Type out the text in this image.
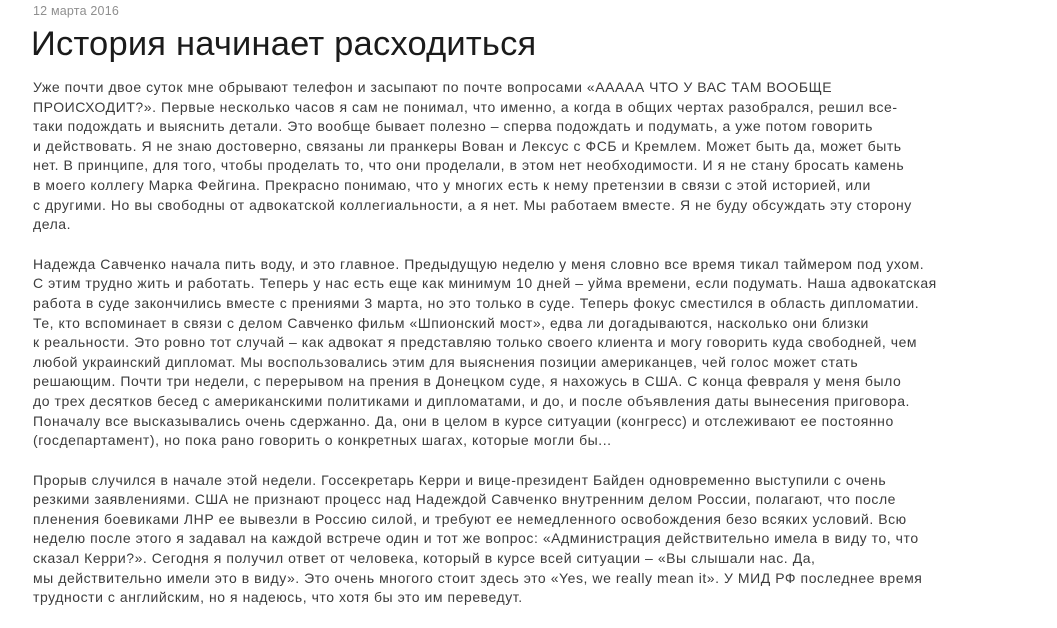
12 марта 2016
История начинает расходиться

Уже почти двое суток мне обрывают телефон и засыпают по почте вопросами «ААААА ЧТО У ВАС ТАМ ВООБЩЕ
ПРОИСХОДИТ?». Первые несколько часов я сам не понимал, что именно, а когда в общих чертах разобрался, решил все-
таки подождать и выяснить детали. Это вообще бывает полезно – сперва подождать и подумать, а уже потом говорить
и действовать. Я не знаю достоверно, связаны ли пранкеры Вован и Лексус с ФСБ и Кремлем. Может быть да, может быть
нет. В принципе, для того, чтобы проделать то, что они проделали, в этом нет необходимости. И я не стану бросать камень
в моего коллегу Марка Фейгина. Прекрасно понимаю, что у многих есть к нему претензии в связи с этой историей, или
с другими. Но вы свободны от адвокатской коллегиальности, а я нет. Мы работаем вместе. Я не буду обсуждать эту сторону
дела.

Надежда Савченко начала пить воду, и это главное. Предыдущую неделю у меня словно все время тикал таймером под ухом.
С этим трудно жить и работать. Теперь у нас есть еще как минимум 10 дней – уйма времени, если подумать. Наша адвокатская
работа в суде закончились вместе с прениями 3 марта, но это только в суде. Теперь фокус сместился в область дипломатии.
Те, кто вспоминает в связи с делом Савченко фильм «Шпионский мост», едва ли догадываются, насколько они близки
к реальности. Это ровно тот случай – как адвокат я представляю только своего клиента и могу говорить куда свободней, чем
любой украинский дипломат. Мы воспользовались этим для выяснения позиции американцев, чей голос может стать
решающим. Почти три недели, с перерывом на прения в Донецком суде, я нахожусь в США. С конца февраля у меня было
до трех десятков бесед с американскими политиками и дипломатами, и до, и после объявления даты вынесения приговора.
Поначалу все высказывались очень сдержанно. Да, они в целом в курсе ситуации (конгресс) и отслеживают ее постоянно
(госдепартамент), но пока рано говорить о конкретных шагах, которые могли бы...

Прорыв случился в начале этой недели. Госсекретарь Керри и вице-президент Байден одновременно выступили с очень
резкими заявлениями. США не признают процесс над Надеждой Савченко внутренним делом России, полагают, что после
пленения боевиками ЛНР ее вывезли в Россию силой, и требуют ее немедленного освобождения безо всяких условий. Всю
неделю после этого я задавал на каждой встрече один и тот же вопрос: «Администрация действительно имела в виду то, что
сказал Керри?». Сегодня я получил ответ от человека, который в курсе всей ситуации – «Вы слышали нас. Да,
мы действительно имели это в виду». Это очень многого стоит здесь это «Yes, we really mean it». У МИД РФ последнее время
трудности с английским, но я надеюсь, что хотя бы это им переведут.
